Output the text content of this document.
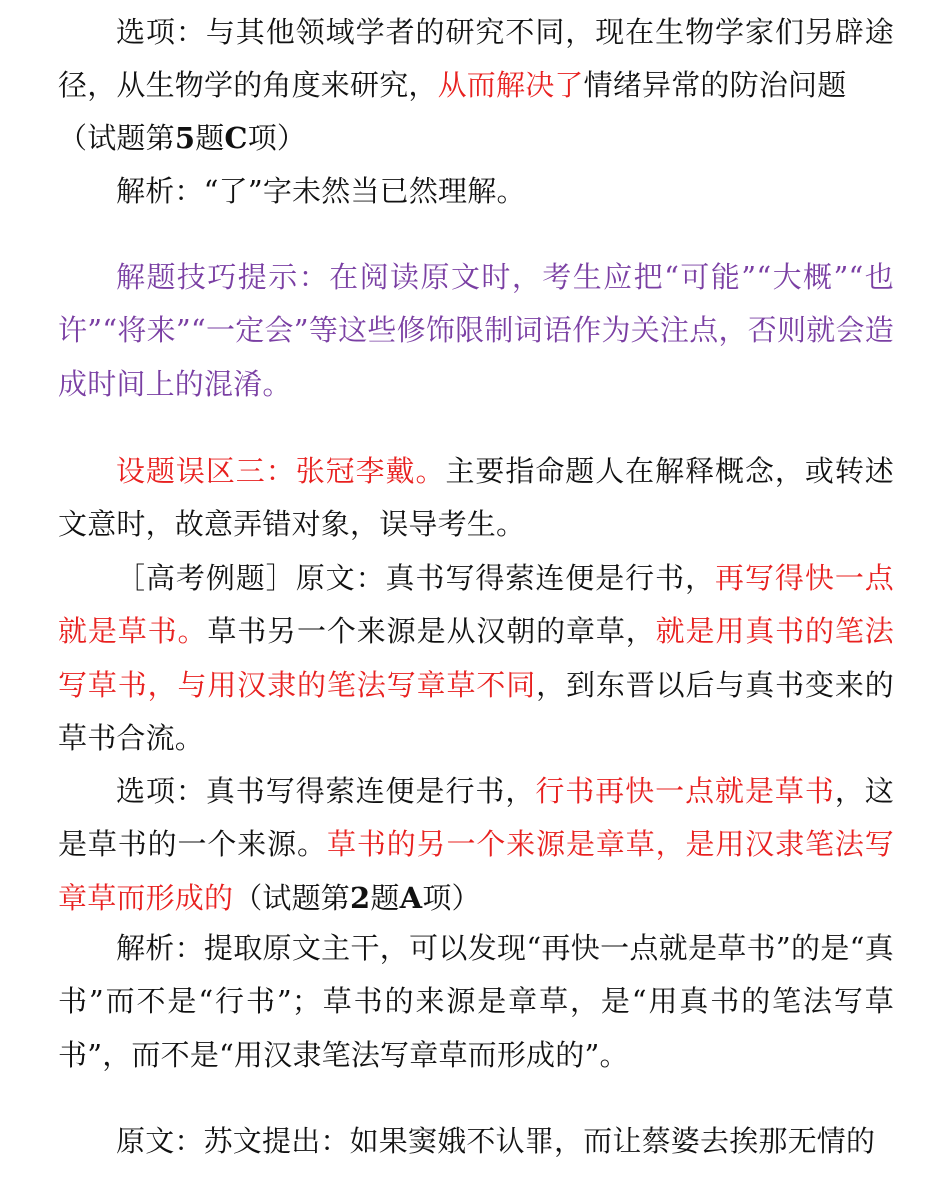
选项：与其他领域学者的研究不同，现在生物学家们另辟途径，从生物学的角度来研究，从而解决了情绪异常的防治问题

（试题第5题C项）

解析：“了”字未然当已然理解。

解题技巧提示：在阅读原文时，考生应把“可能”“大概”“也许”“将来”“一定会”等这些修饰限制词语作为关注点，否则就会造成时间上的混淆。

设题误区三：张冠李戴。主要指命题人在解释概念，或转述文意时，故意弄错对象，误导考生。

［高考例题］原文：真书写得萦连便是行书，再写得快一点就是草书。草书另一个来源是从汉朝的章草，就是用真书的笔法写草书，与用汉隶的笔法写章草不同，到东晋以后与真书变来的草书合流。

选项：真书写得萦连便是行书，行书再快一点就是草书，这是草书的一个来源。草书的另一个来源是章草，是用汉隶笔法写章草而形成的（试题第2题A项）

解析：提取原文主干，可以发现“再快一点就是草书”的是“真书”而不是“行书”；草书的来源是章草，是“用真书的笔法写草书”，而不是“用汉隶笔法写章草而形成的”。

原文：苏文提出：如果窦娥不认罪，而让蔡婆去挨那无情的
